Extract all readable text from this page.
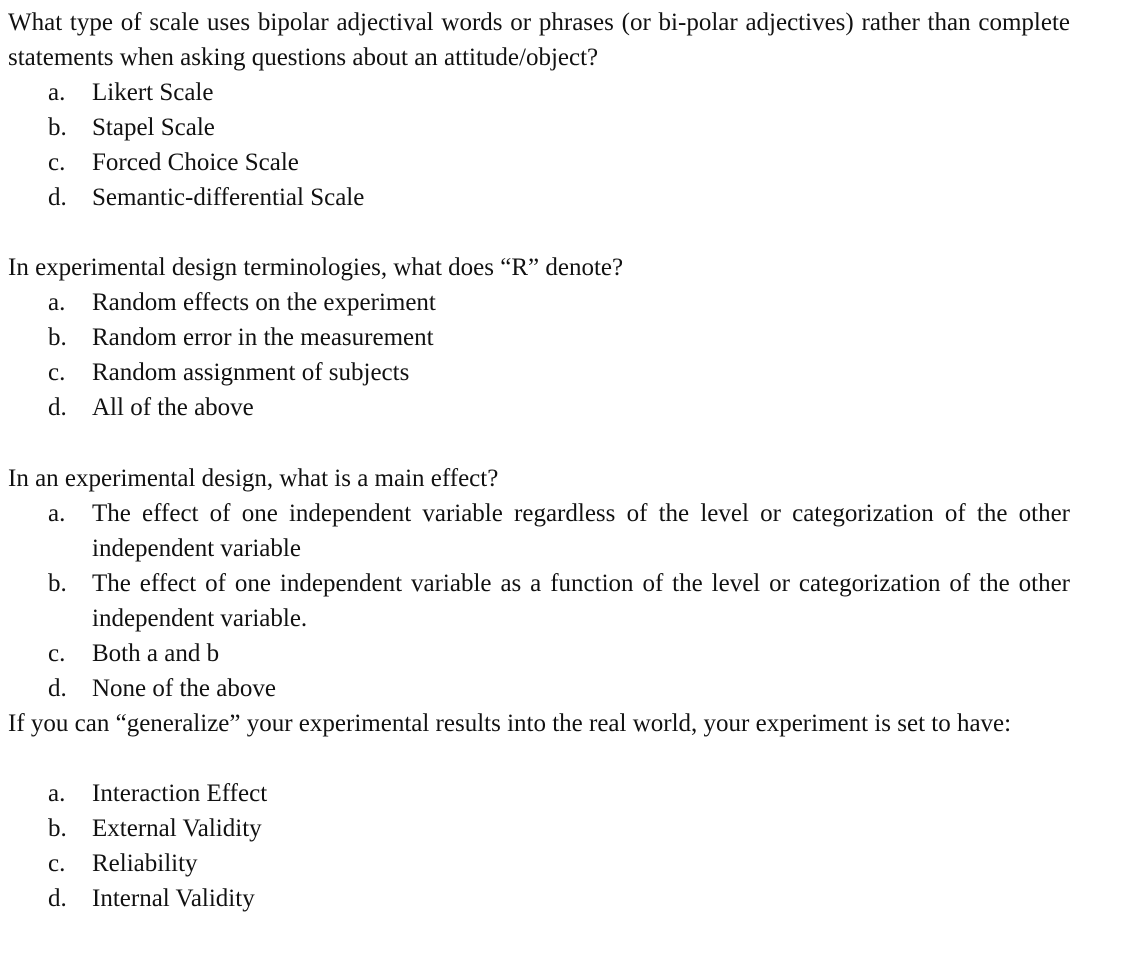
What type of scale uses bipolar adjectival words or phrases (or bi-polar adjectives) rather than complete statements when asking questions about an attitude/object?
a.	Likert Scale
b.	Stapel Scale
c.	Forced Choice Scale
d.	Semantic-differential Scale
In experimental design terminologies, what does “R” denote?
a.	Random effects on the experiment
b.	Random error in the measurement
c.	Random assignment of subjects
d.	All of the above
In an experimental design, what is a main effect?
a.	The effect of one independent variable regardless of the level or categorization of the other independent variable
b.	The effect of one independent variable as a function of the level or categorization of the other independent variable.
c.	Both a and b
d.	None of the above
If you can “generalize” your experimental results into the real world, your experiment is set to have:
a.	Interaction Effect
b.	External Validity
c.	Reliability
d.	Internal Validity
